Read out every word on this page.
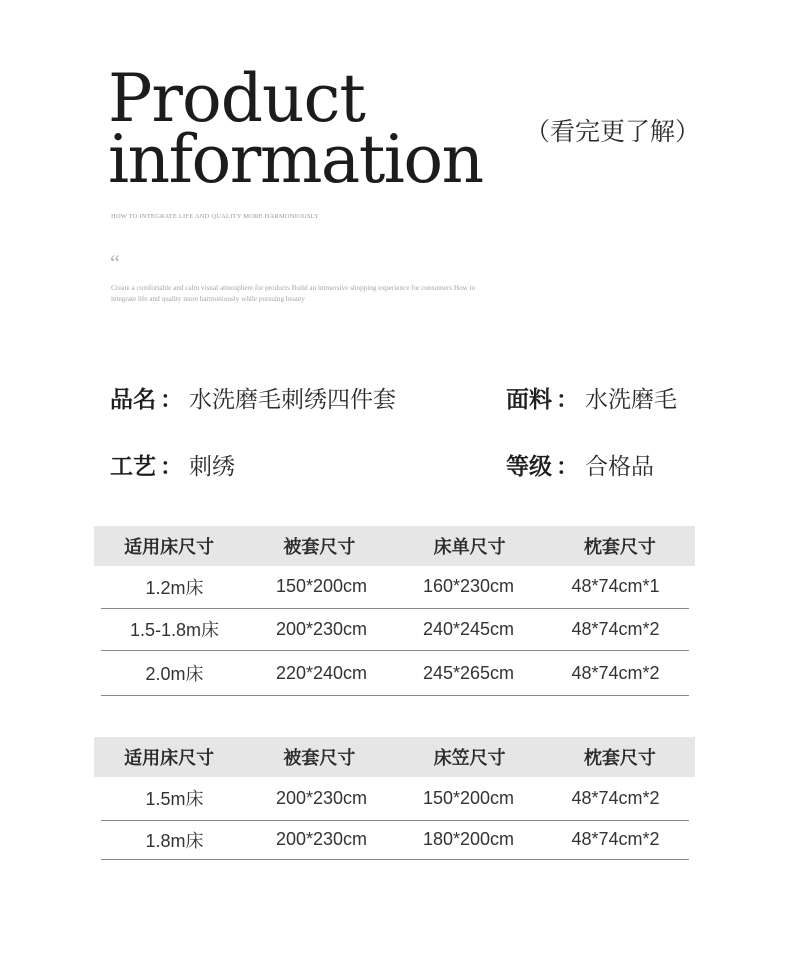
Product
information （看完更了解）
HOW TO INTEGRATE LIFE AND QUALITY MORE HARMONIOUSLY
“
Create a comfortable and calm visual atmosphere for products Build an immersive shopping experience for consumers How to integrate life and quality more harmoniously while pursuing beauty
品名 ： 水洗磨毛刺绣四件套	面料 ： 水洗磨毛
工艺 ： 刺绣	等级 ： 合格品
适用床尺寸	被套尺寸	床单尺寸	枕套尺寸
1.2m床	150*200cm	160*230cm	48*74cm*1
1.5-1.8m床	200*230cm	240*245cm	48*74cm*2
2.0m床	220*240cm	245*265cm	48*74cm*2
适用床尺寸	被套尺寸	床笠尺寸	枕套尺寸
1.5m床	200*230cm	150*200cm	48*74cm*2
1.8m床	200*230cm	180*200cm	48*74cm*2
